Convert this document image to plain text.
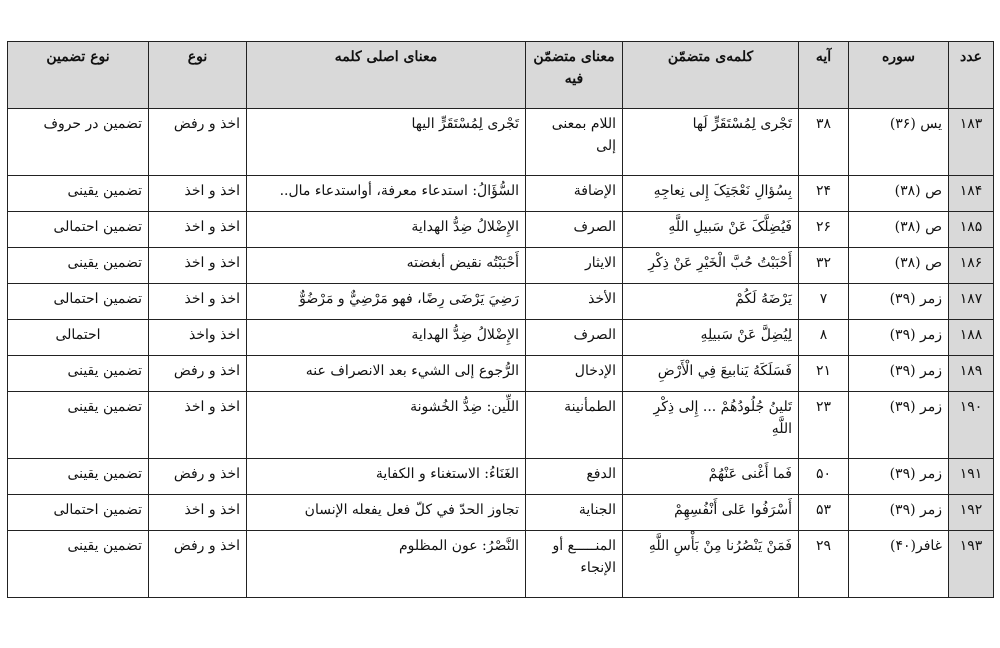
عدد	سوره	آیه	کلمه‌ی متضمّن	معنای متضمّن فیه	معنای اصلی کلمه	نوع	نوع تضمین
۱۸۳	یس (۳۶)	۳۸	تَجْرى لِمُسْتَقَرٍّ لَها	اللام بمعنى إلى	تَجْرى لِمُسْتَقَرٍّ اليها	اخذ و رفض	تضمین در حروف
۱۸۴	ص (۳۸)	۲۴	بِسُؤالِ نَعْجَتِکَ إِلى‏ نِعاجِهِ	الإضافة	السُّؤَالُ: استدعاء معرفة، أواستدعاء مال..	اخذ و اخذ	تضمین یقینی
۱۸۵	ص (۳۸)	۲۶	فَيُضِلَّکَ عَنْ سَبيلِ اللَّهِ	الصرف	الإِضْلالُ ضِدُّ الهداية	اخذ و اخذ	تضمین احتمالی
۱۸۶	ص (۳۸)	۳۲	أَحْبَبْتُ حُبَّ الْخَيْرِ عَنْ ذِکْرِ	الايثار	أَحْبَبْتُه نقيض أبغضته	اخذ و اخذ	تضمین یقینی
۱۸۷	زمر (۳۹)	۷	يَرْضَهُ لَکُمْ	الأخذ	رَضِيَ يَرْضَى رِضًا، فهو مَرْضِيٌّ و مَرْضُوٌّ	اخذ و اخذ	تضمین احتمالی
۱۸۸	زمر (۳۹)	۸	لِيُضِلَّ عَنْ سَبيلِهِ	الصرف	الإِضْلالُ ضِدُّ الهداية	اخذ واخذ	احتمالی
۱۸۹	زمر (۳۹)	۲۱	فَسَلَکَهُ يَنابيعَ فِي الْأَرْضِ	الإدخال	الرُّجوع إلى الشيء بعد الانصراف عنه	اخذ و رفض	تضمین یقینی
۱۹۰	زمر (۳۹)	۲۳	تَلينُ جُلُودُهُمْ ... إِلى‏ ذِکْرِ اللَّهِ	الطمأنينة	اللِّين: ضِدُّ الخُشونة	اخذ و اخذ	تضمین یقینی
۱۹۱	زمر (۳۹)	۵۰	فَما أَغْنى‏ عَنْهُمْ	الدفع	الغَنَاءُ: الاستغناء و الکفاية	اخذ و رفض	تضمین یقینی
۱۹۲	زمر (۳۹)	۵۳	أَسْرَفُوا عَلى‏ أَنْفُسِهِمْ	الجناية	تجاوز الحدّ في کلّ فعل يفعله الإنسان	اخذ و اخذ	تضمین احتمالی
۱۹۳	غافر(۴۰)	۲۹	فَمَنْ يَنْصُرُنا مِنْ بَأْسِ اللَّهِ	المنـــــع أو الإنجاء	النَّصْرُ: عون المظلوم	اخذ و رفض	تضمین یقینی
